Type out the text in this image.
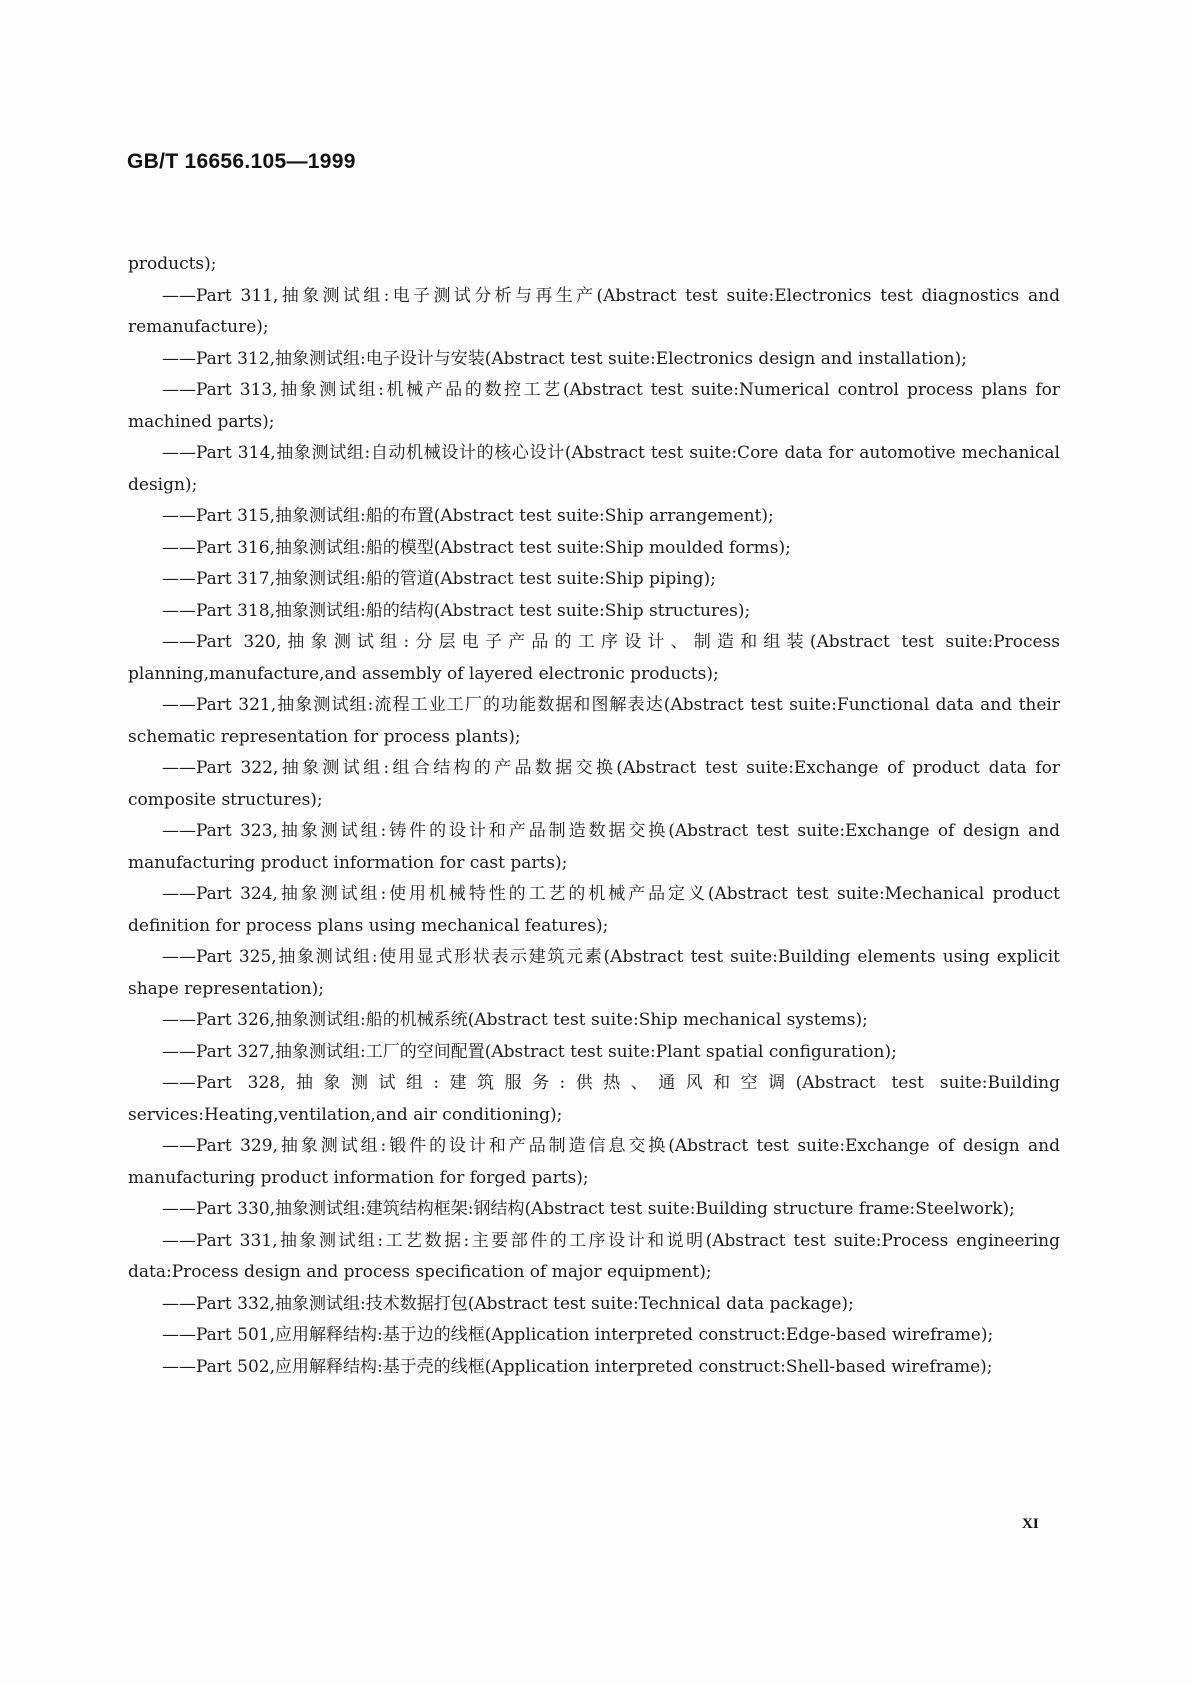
GB/T 16656.105—1999

products);

——Part 311,抽象测试组:电子测试分析与再生产(Abstract test suite:Electronics test diagnostics and remanufacture);

——Part 312,抽象测试组:电子设计与安装(Abstract test suite:Electronics design and installation);

——Part 313,抽象测试组:机械产品的数控工艺(Abstract test suite:Numerical control process plans for machined parts);

——Part 314,抽象测试组:自动机械设计的核心设计(Abstract test suite:Core data for automotive mechanical design);

——Part 315,抽象测试组:船的布置(Abstract test suite:Ship arrangement);

——Part 316,抽象测试组:船的模型(Abstract test suite:Ship moulded forms);

——Part 317,抽象测试组:船的管道(Abstract test suite:Ship piping);

——Part 318,抽象测试组:船的结构(Abstract test suite:Ship structures);

——Part 320,抽象测试组:分层电子产品的工序设计、制造和组装(Abstract test suite:Process planning,manufacture,and assembly of layered electronic products);

——Part 321,抽象测试组:流程工业工厂的功能数据和图解表达(Abstract test suite:Functional data and their schematic representation for process plants);

——Part 322,抽象测试组:组合结构的产品数据交换(Abstract test suite:Exchange of product data for composite structures);

——Part 323,抽象测试组:铸件的设计和产品制造数据交换(Abstract test suite:Exchange of design and manufacturing product information for cast parts);

——Part 324,抽象测试组:使用机械特性的工艺的机械产品定义(Abstract test suite:Mechanical product definition for process plans using mechanical features);

——Part 325,抽象测试组:使用显式形状表示建筑元素(Abstract test suite:Building elements using explicit shape representation);

——Part 326,抽象测试组:船的机械系统(Abstract test suite:Ship mechanical systems);

——Part 327,抽象测试组:工厂的空间配置(Abstract test suite:Plant spatial configuration);

——Part 328,抽象测试组:建筑服务:供热、通风和空调(Abstract test suite:Building services:Heating,ventilation,and air conditioning);

——Part 329,抽象测试组:锻件的设计和产品制造信息交换(Abstract test suite:Exchange of design and manufacturing product information for forged parts);

——Part 330,抽象测试组:建筑结构框架:钢结构(Abstract test suite:Building structure frame:Steelwork);

——Part 331,抽象测试组:工艺数据:主要部件的工序设计和说明(Abstract test suite:Process engineering data:Process design and process specification of major equipment);

——Part 332,抽象测试组:技术数据打包(Abstract test suite:Technical data package);

——Part 501,应用解释结构:基于边的线框(Application interpreted construct:Edge-based wireframe);

——Part 502,应用解释结构:基于壳的线框(Application interpreted construct:Shell-based wireframe);

XI
